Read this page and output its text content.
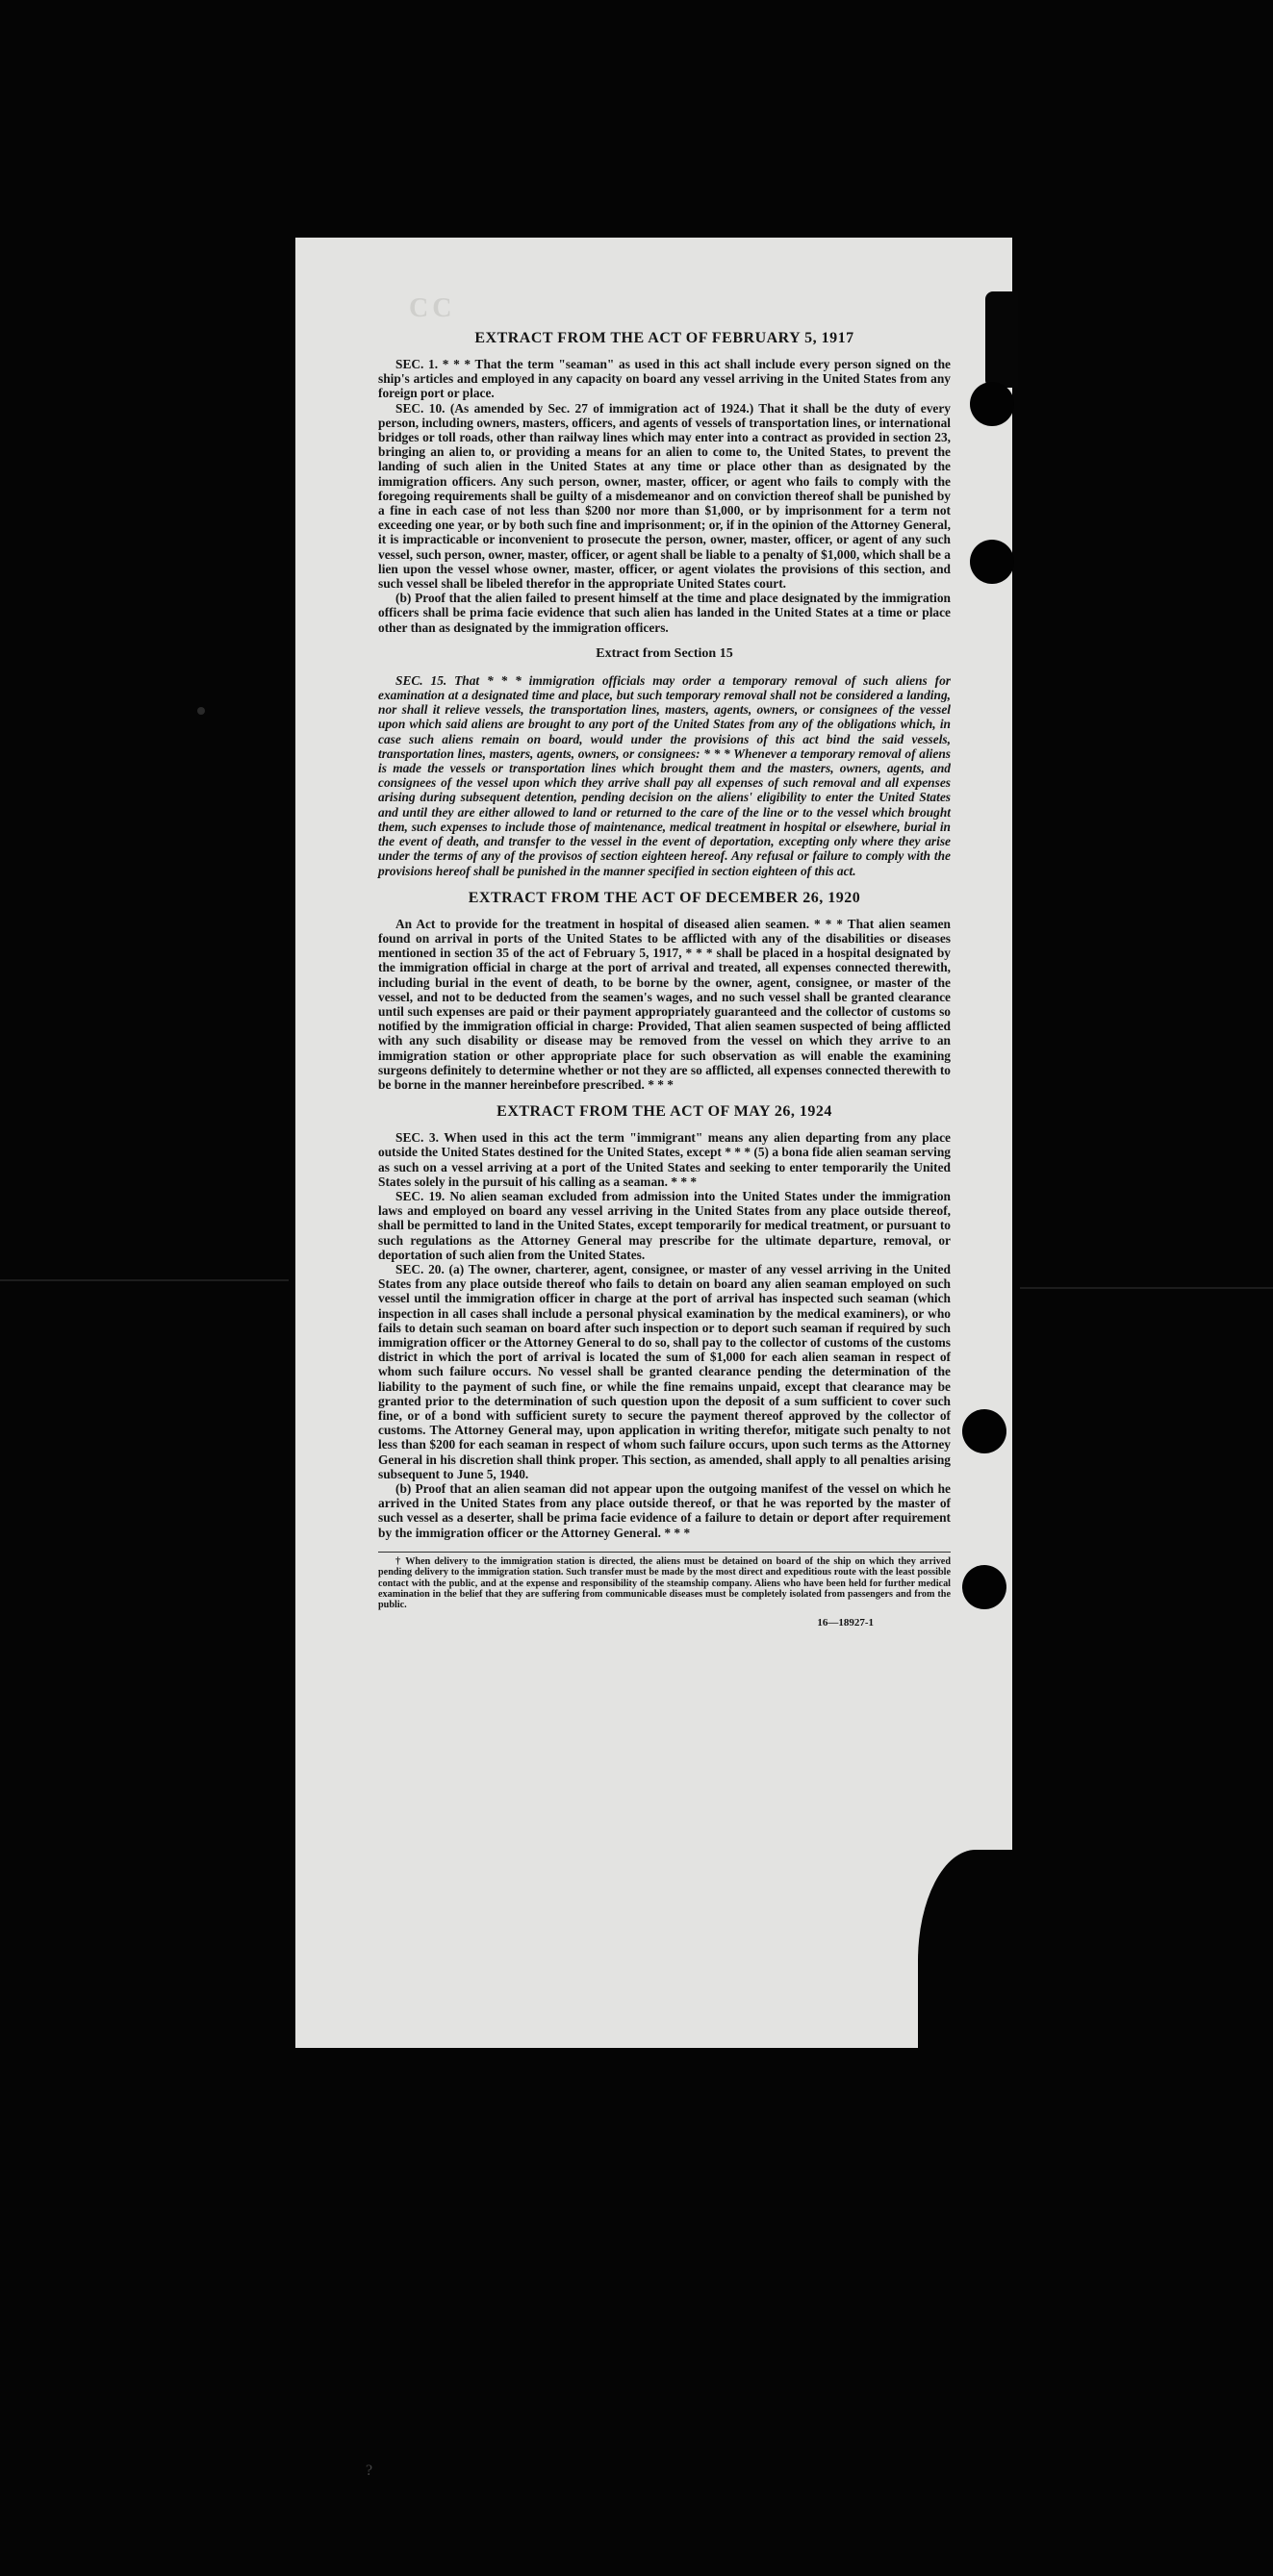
CC
EXTRACT FROM THE ACT OF FEBRUARY 5, 1917

SEC. 1. * * * That the term "seaman" as used in this act shall include every person signed on the ship's articles and employed in any capacity on board any vessel arriving in the United States from any foreign port or place.

SEC. 10. (As amended by Sec. 27 of immigration act of 1924.) That it shall be the duty of every person, including owners, masters, officers, and agents of vessels of transportation lines, or international bridges or toll roads, other than railway lines which may enter into a contract as provided in section 23, bringing an alien to, or providing a means for an alien to come to, the United States, to prevent the landing of such alien in the United States at any time or place other than as designated by the immigration officers. Any such person, owner, master, officer, or agent who fails to comply with the foregoing requirements shall be guilty of a misdemeanor and on conviction thereof shall be punished by a fine in each case of not less than $200 nor more than $1,000, or by imprisonment for a term not exceeding one year, or by both such fine and imprisonment; or, if in the opinion of the Attorney General, it is impracticable or inconvenient to prosecute the person, owner, master, officer, or agent of any such vessel, such person, owner, master, officer, or agent shall be liable to a penalty of $1,000, which shall be a lien upon the vessel whose owner, master, officer, or agent violates the provisions of this section, and such vessel shall be libeled therefor in the appropriate United States court.

(b) Proof that the alien failed to present himself at the time and place designated by the immigration officers shall be prima facie evidence that such alien has landed in the United States at a time or place other than as designated by the immigration officers.

Extract from Section 15

SEC. 15. That * * * immigration officials may order a temporary removal of such aliens for examination at a designated time and place, but such temporary removal shall not be considered a landing, nor shall it relieve vessels, the transportation lines, masters, agents, owners, or consignees of the vessel upon which said aliens are brought to any port of the United States from any of the obligations which, in case such aliens remain on board, would under the provisions of this act bind the said vessels, transportation lines, masters, agents, owners, or consignees: * * * Whenever a temporary removal of aliens is made the vessels or transportation lines which brought them and the masters, owners, agents, and consignees of the vessel upon which they arrive shall pay all expenses of such removal and all expenses arising during subsequent detention, pending decision on the aliens' eligibility to enter the United States and until they are either allowed to land or returned to the care of the line or to the vessel which brought them, such expenses to include those of maintenance, medical treatment in hospital or elsewhere, burial in the event of death, and transfer to the vessel in the event of deportation, excepting only where they arise under the terms of any of the provisos of section eighteen hereof. Any refusal or failure to comply with the provisions hereof shall be punished in the manner specified in section eighteen of this act.

EXTRACT FROM THE ACT OF DECEMBER 26, 1920

An Act to provide for the treatment in hospital of diseased alien seamen. * * * That alien seamen found on arrival in ports of the United States to be afflicted with any of the disabilities or diseases mentioned in section 35 of the act of February 5, 1917, * * * shall be placed in a hospital designated by the immigration official in charge at the port of arrival and treated, all expenses connected therewith, including burial in the event of death, to be borne by the owner, agent, consignee, or master of the vessel, and not to be deducted from the seamen's wages, and no such vessel shall be granted clearance until such expenses are paid or their payment appropriately guaranteed and the collector of customs so notified by the immigration official in charge: Provided, That alien seamen suspected of being afflicted with any such disability or disease may be removed from the vessel on which they arrive to an immigration station or other appropriate place for such observation as will enable the examining surgeons definitely to determine whether or not they are so afflicted, all expenses connected therewith to be borne in the manner hereinbefore prescribed. * * *

EXTRACT FROM THE ACT OF MAY 26, 1924

SEC. 3. When used in this act the term "immigrant" means any alien departing from any place outside the United States destined for the United States, except * * * (5) a bona fide alien seaman serving as such on a vessel arriving at a port of the United States and seeking to enter temporarily the United States solely in the pursuit of his calling as a seaman. * * *

SEC. 19. No alien seaman excluded from admission into the United States under the immigration laws and employed on board any vessel arriving in the United States from any place outside thereof, shall be permitted to land in the United States, except temporarily for medical treatment, or pursuant to such regulations as the Attorney General may prescribe for the ultimate departure, removal, or deportation of such alien from the United States.

SEC. 20. (a) The owner, charterer, agent, consignee, or master of any vessel arriving in the United States from any place outside thereof who fails to detain on board any alien seaman employed on such vessel until the immigration officer in charge at the port of arrival has inspected such seaman (which inspection in all cases shall include a personal physical examination by the medical examiners), or who fails to detain such seaman on board after such inspection or to deport such seaman if required by such immigration officer or the Attorney General to do so, shall pay to the collector of customs of the customs district in which the port of arrival is located the sum of $1,000 for each alien seaman in respect of whom such failure occurs. No vessel shall be granted clearance pending the determination of the liability to the payment of such fine, or while the fine remains unpaid, except that clearance may be granted prior to the determination of such question upon the deposit of a sum sufficient to cover such fine, or of a bond with sufficient surety to secure the payment thereof approved by the collector of customs. The Attorney General may, upon application in writing therefor, mitigate such penalty to not less than $200 for each seaman in respect of whom such failure occurs, upon such terms as the Attorney General in his discretion shall think proper. This section, as amended, shall apply to all penalties arising subsequent to June 5, 1940.

(b) Proof that an alien seaman did not appear upon the outgoing manifest of the vessel on which he arrived in the United States from any place outside thereof, or that he was reported by the master of such vessel as a deserter, shall be prima facie evidence of a failure to detain or deport after requirement by the immigration officer or the Attorney General. * * *

† When delivery to the immigration station is directed, the aliens must be detained on board of the ship on which they arrived pending delivery to the immigration station. Such transfer must be made by the most direct and expeditious route with the least possible contact with the public, and at the expense and responsibility of the steamship company. Aliens who have been held for further medical examination in the belief that they are suffering from communicable diseases must be completely isolated from passengers and from the public.

16—18927-1
?
